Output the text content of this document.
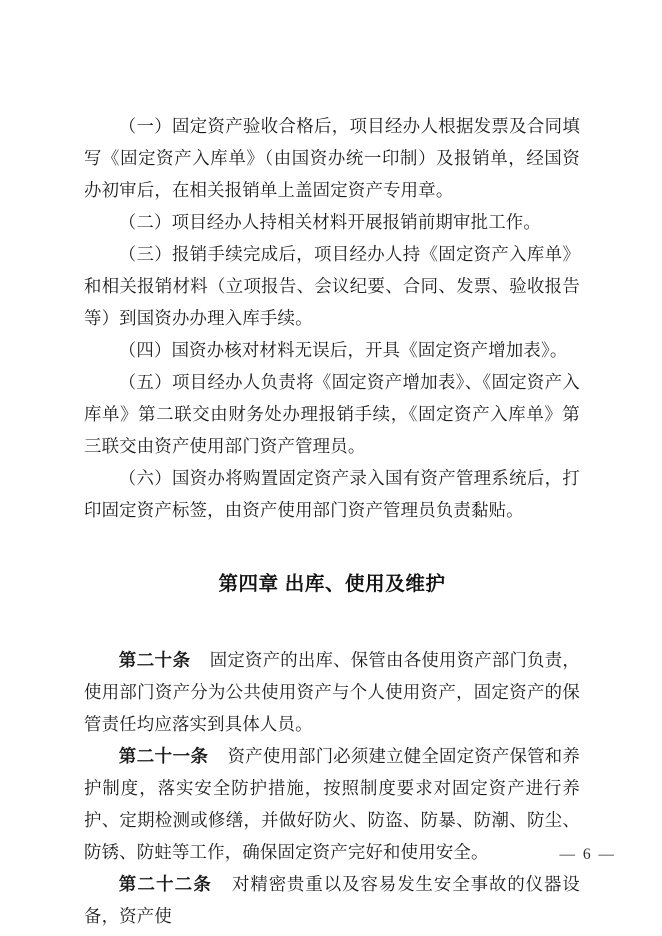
（一）固定资产验收合格后，项目经办人根据发票及合同填写《固定资产入库单》（由国资办统一印制）及报销单，经国资办初审后，在相关报销单上盖固定资产专用章。

（二）项目经办人持相关材料开展报销前期审批工作。

（三）报销手续完成后，项目经办人持《固定资产入库单》和相关报销材料（立项报告、会议纪要、合同、发票、验收报告等）到国资办办理入库手续。

（四）国资办核对材料无误后，开具《固定资产增加表》。

（五）项目经办人负责将《固定资产增加表》、《固定资产入库单》第二联交由财务处办理报销手续，《固定资产入库单》第三联交由资产使用部门资产管理员。

（六）国资办将购置固定资产录入国有资产管理系统后，打印固定资产标签，由资产使用部门资产管理员负责黏贴。

第四章 出库、使用及维护

第二十条 固定资产的出库、保管由各使用资产部门负责，使用部门资产分为公共使用资产与个人使用资产，固定资产的保管责任均应落实到具体人员。

第二十一条 资产使用部门必须建立健全固定资产保管和养护制度，落实安全防护措施，按照制度要求对固定资产进行养护、定期检测或修缮，并做好防火、防盗、防暴、防潮、防尘、防锈、防蛀等工作，确保固定资产完好和使用安全。

第二十二条 对精密贵重以及容易发生安全事故的仪器设备，资产使

— 6 —
